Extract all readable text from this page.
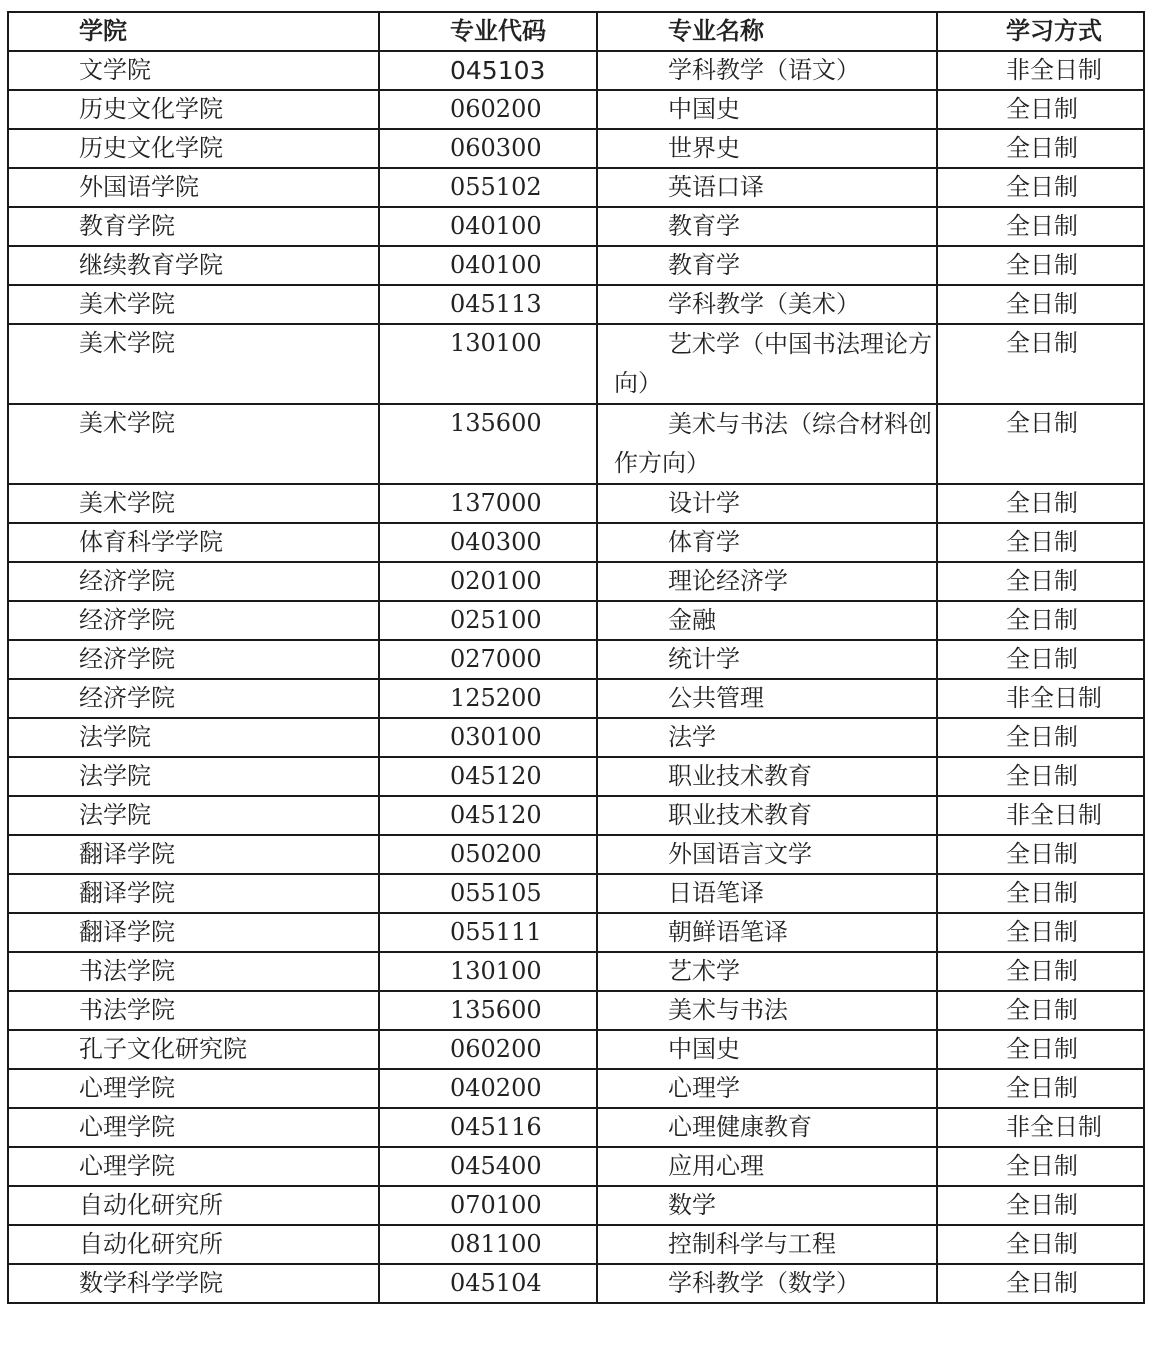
学院	专业代码	专业名称	学习方式
文学院	045103	学科教学（语文）	非全日制
历史文化学院	060200	中国史	全日制
历史文化学院	060300	世界史	全日制
外国语学院	055102	英语口译	全日制
教育学院	040100	教育学	全日制
继续教育学院	040100	教育学	全日制
美术学院	045113	学科教学（美术）	全日制
美术学院	130100	艺术学（中国书法理论方向）	全日制
美术学院	135600	美术与书法（综合材料创作方向）	全日制
美术学院	137000	设计学	全日制
体育科学学院	040300	体育学	全日制
经济学院	020100	理论经济学	全日制
经济学院	025100	金融	全日制
经济学院	027000	统计学	全日制
经济学院	125200	公共管理	非全日制
法学院	030100	法学	全日制
法学院	045120	职业技术教育	全日制
法学院	045120	职业技术教育	非全日制
翻译学院	050200	外国语言文学	全日制
翻译学院	055105	日语笔译	全日制
翻译学院	055111	朝鲜语笔译	全日制
书法学院	130100	艺术学	全日制
书法学院	135600	美术与书法	全日制
孔子文化研究院	060200	中国史	全日制
心理学院	040200	心理学	全日制
心理学院	045116	心理健康教育	非全日制
心理学院	045400	应用心理	全日制
自动化研究所	070100	数学	全日制
自动化研究所	081100	控制科学与工程	全日制
数学科学学院	045104	学科教学（数学）	全日制
